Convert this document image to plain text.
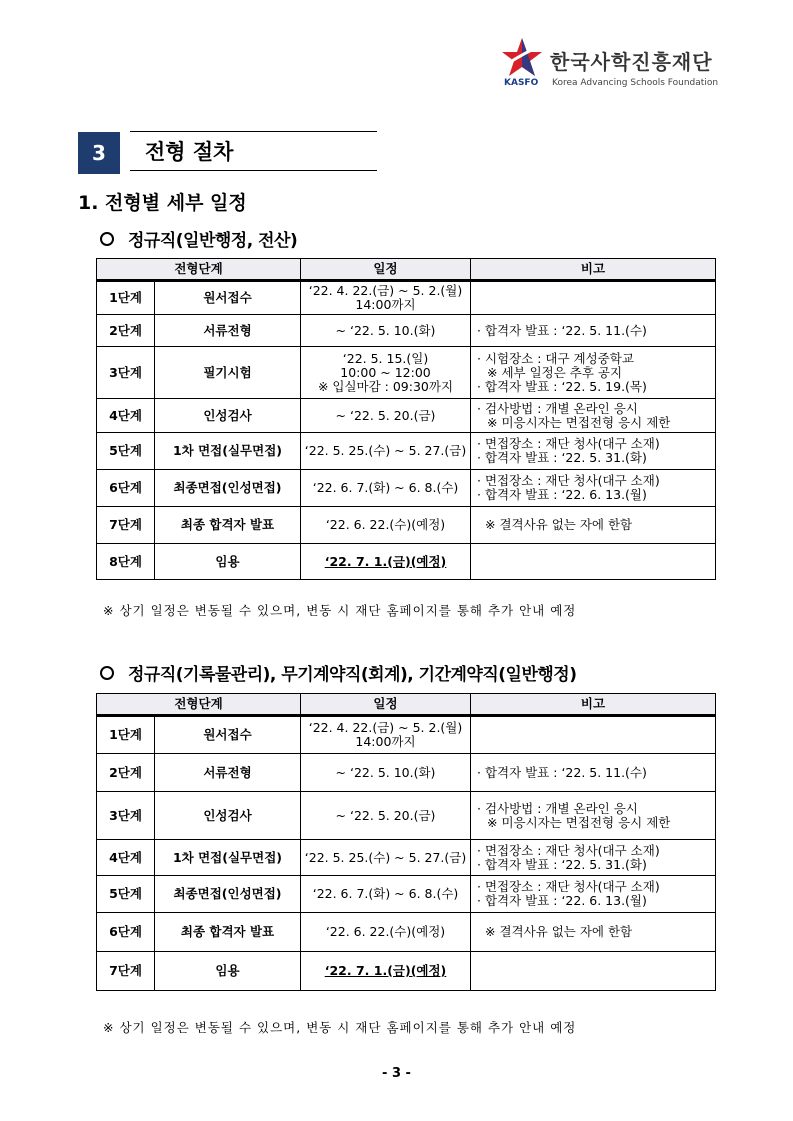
한국사학진흥재단
KASFO Korea Advancing Schools Foundation
3	전형 절차
1. 전형별 세부 일정
정규직(일반행정, 전산)
전형단계		일정	비고
1단계	원서접수	‘22. 4. 22.(금) ~ 5. 2.(월)
14:00까지	

2단계	서류전형	~ ‘22. 5. 10.(화)	· 합격자 발표 : ‘22. 5. 11.(수)

3단계	필기시험	‘22. 5. 15.(일)
10:00 ~ 12:00
※ 입실마감 : 09:30까지	· 시험장소 : 대구 계성중학교
※ 세부 일정은 추후 공지
· 합격자 발표 : ‘22. 5. 19.(목)

4단계	인성검사	~ ‘22. 5. 20.(금)	· 검사방법 : 개별 온라인 응시
※ 미응시자는 면접전형 응시 제한

5단계	1차 면접(실무면접)	‘22. 5. 25.(수) ~ 5. 27.(금)	· 면접장소 : 재단 청사(대구 소재)
· 합격자 발표 : ‘22. 5. 31.(화)

6단계	최종면접(인성면접)	‘22. 6. 7.(화) ~ 6. 8.(수)	· 면접장소 : 재단 청사(대구 소재)
· 합격자 발표 : ‘22. 6. 13.(월)

7단계	최종 합격자 발표	‘22. 6. 22.(수)(예정)	※ 결격사유 없는 자에 한함

8단계	임용	‘22. 7. 1.(금)(예정)	

※ 상기 일정은 변동될 수 있으며, 변동 시 재단 홈페이지를 통해 추가 안내 예정
정규직(기록물관리), 무기계약직(회계), 기간계약직(일반행정)
전형단계		일정	비고
1단계	원서접수	‘22. 4. 22.(금) ~ 5. 2.(월)
14:00까지	

2단계	서류전형	~ ‘22. 5. 10.(화)	· 합격자 발표 : ‘22. 5. 11.(수)

3단계	인성검사	~ ‘22. 5. 20.(금)	· 검사방법 : 개별 온라인 응시
※ 미응시자는 면접전형 응시 제한

4단계	1차 면접(실무면접)	‘22. 5. 25.(수) ~ 5. 27.(금)	· 면접장소 : 재단 청사(대구 소재)
· 합격자 발표 : ‘22. 5. 31.(화)

5단계	최종면접(인성면접)	‘22. 6. 7.(화) ~ 6. 8.(수)	· 면접장소 : 재단 청사(대구 소재)
· 합격자 발표 : ‘22. 6. 13.(월)

6단계	최종 합격자 발표	‘22. 6. 22.(수)(예정)	※ 결격사유 없는 자에 한함

7단계	임용	‘22. 7. 1.(금)(예정)	

※ 상기 일정은 변동될 수 있으며, 변동 시 재단 홈페이지를 통해 추가 안내 예정
- 3 -
